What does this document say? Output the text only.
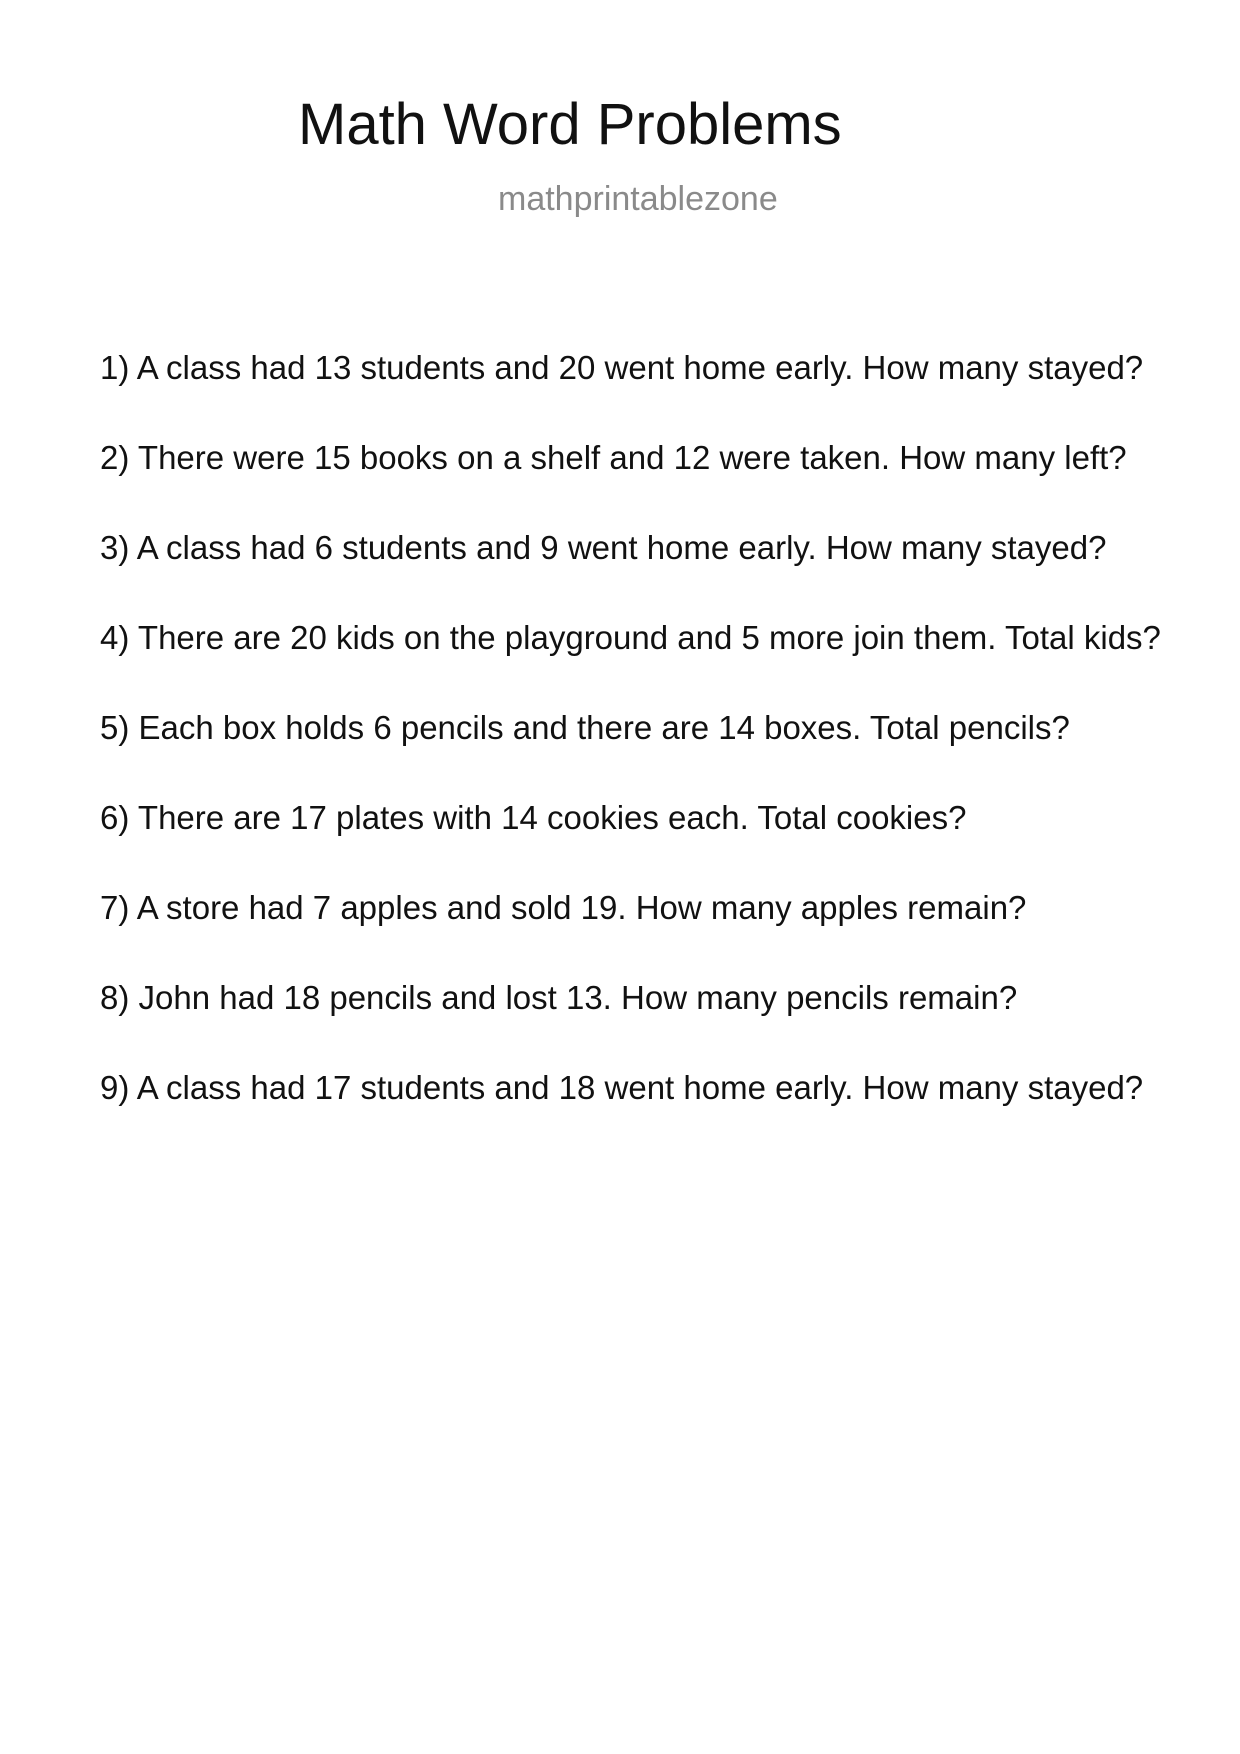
Math Word Problems
mathprintablezone
1) A class had 13 students and 20 went home early. How many stayed?
2) There were 15 books on a shelf and 12 were taken. How many left?
3) A class had 6 students and 9 went home early. How many stayed?
4) There are 20 kids on the playground and 5 more join them. Total kids?
5) Each box holds 6 pencils and there are 14 boxes. Total pencils?
6) There are 17 plates with 14 cookies each. Total cookies?
7) A store had 7 apples and sold 19. How many apples remain?
8) John had 18 pencils and lost 13. How many pencils remain?
9) A class had 17 students and 18 went home early. How many stayed?
